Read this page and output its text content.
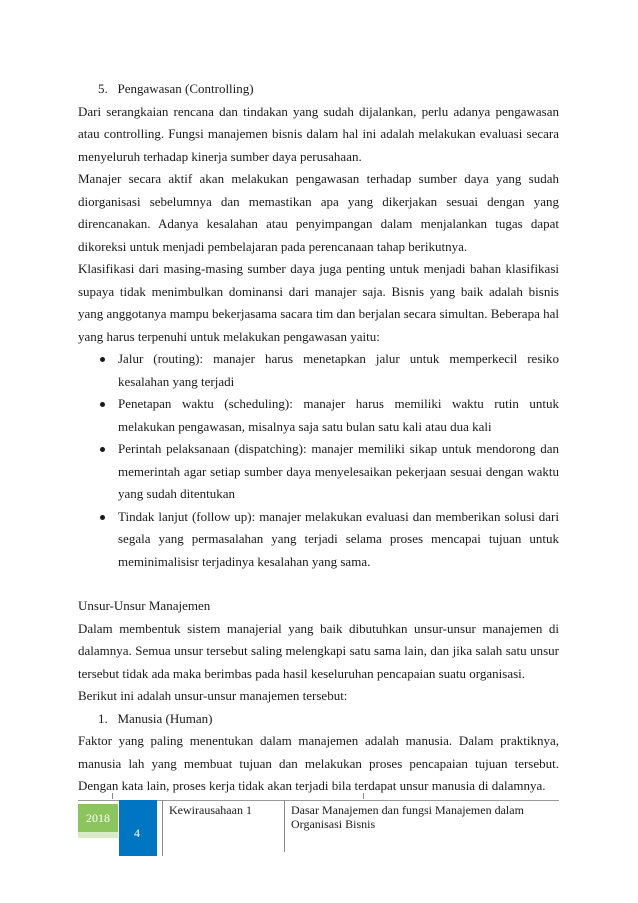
5.   Pengawasan (Controlling)
Dari serangkaian rencana dan tindakan yang sudah dijalankan, perlu adanya pengawasan atau controlling. Fungsi manajemen bisnis dalam hal ini adalah melakukan evaluasi secara menyeluruh terhadap kinerja sumber daya perusahaan.
Manajer secara aktif akan melakukan pengawasan terhadap sumber daya yang sudah diorganisasi sebelumnya dan memastikan apa yang dikerjakan sesuai dengan yang direncanakan. Adanya kesalahan atau penyimpangan dalam menjalankan tugas dapat dikoreksi untuk menjadi pembelajaran pada perencanaan tahap berikutnya.
Klasifikasi dari masing-masing sumber daya juga penting untuk menjadi bahan klasifikasi supaya tidak menimbulkan dominansi dari manajer saja. Bisnis yang baik adalah bisnis yang anggotanya mampu bekerjasama sacara tim dan berjalan secara simultan. Beberapa hal yang harus terpenuhi untuk melakukan pengawasan yaitu:
Jalur (routing): manajer harus menetapkan jalur untuk memperkecil resiko kesalahan yang terjadi
Penetapan waktu (scheduling): manajer harus memiliki waktu rutin untuk melakukan pengawasan, misalnya saja satu bulan satu kali atau dua kali
Perintah pelaksanaan (dispatching): manajer memiliki sikap untuk mendorong dan memerintah agar setiap sumber daya menyelesaikan pekerjaan sesuai dengan waktu yang sudah ditentukan
Tindak lanjut (follow up): manajer melakukan evaluasi dan memberikan solusi dari segala yang permasalahan yang terjadi selama proses mencapai tujuan untuk meminimalisisr terjadinya kesalahan yang sama.
Unsur-Unsur Manajemen
Dalam membentuk sistem manajerial yang baik dibutuhkan unsur-unsur manajemen di dalamnya. Semua unsur tersebut saling melengkapi satu sama lain, dan jika salah satu unsur tersebut tidak ada maka berimbas pada hasil keseluruhan pencapaian suatu organisasi.
Berikut ini adalah unsur-unsur manajemen tersebut:
1.   Manusia (Human)
Faktor yang paling menentukan dalam manajemen adalah manusia. Dalam praktiknya, manusia lah yang membuat tujuan dan melakukan proses pencapaian tujuan tersebut. Dengan kata lain, proses kerja tidak akan terjadi bila terdapat unsur manusia di dalamnya.
2018
4
Kewirausahaan 1	Dasar Manajemen dan fungsi Manajemen dalam Organisasi Bisnis
